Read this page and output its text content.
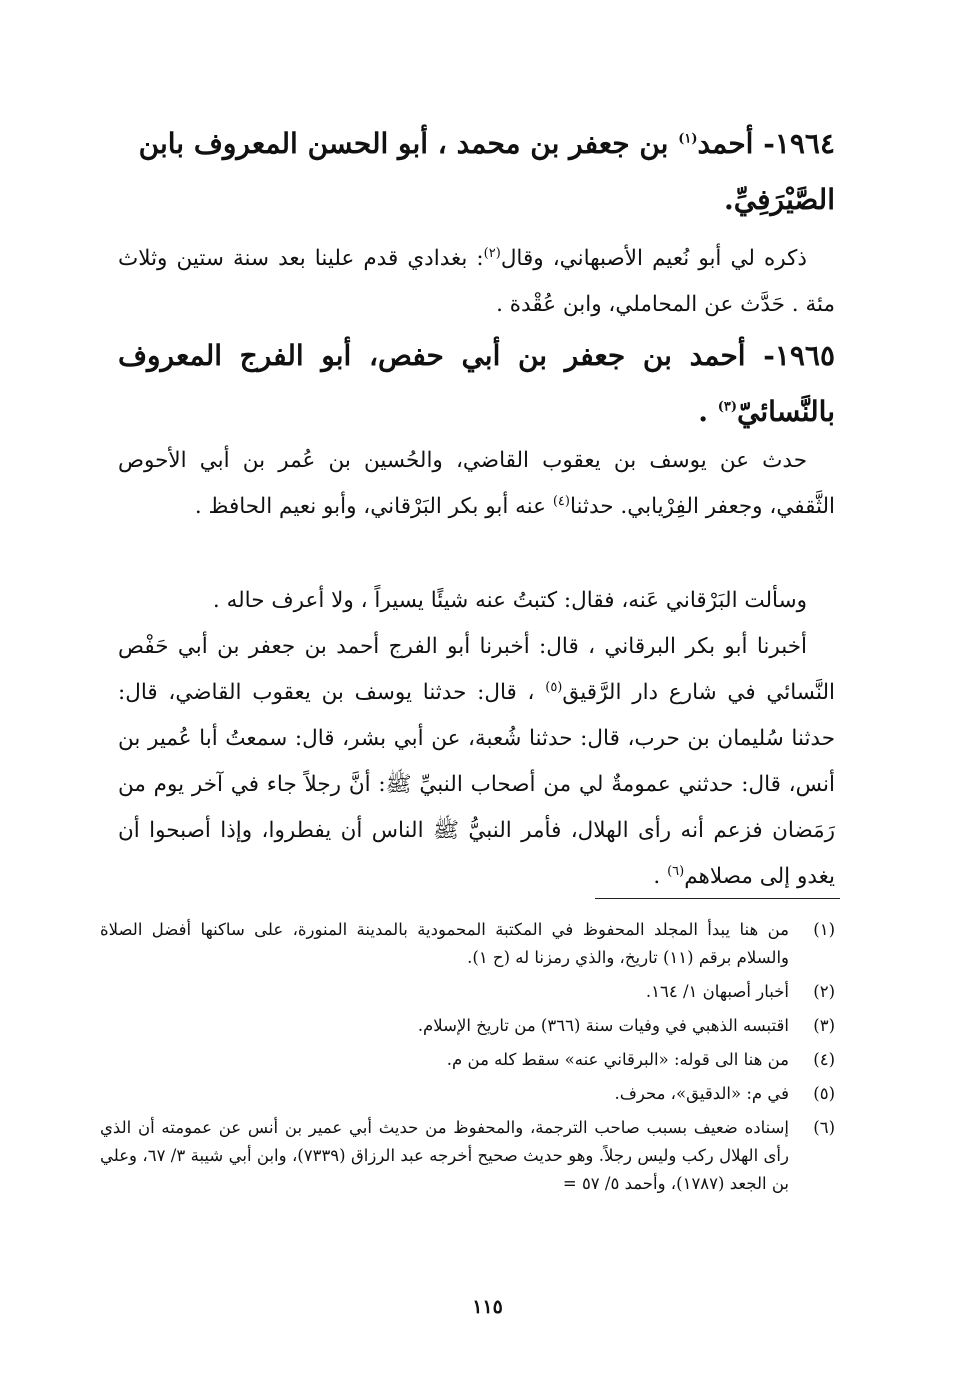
١٩٦٤- أحمد$^{(١)}$ بن جعفر بن محمد ، أبو الحسن المعروف بابن الصَّيْرَفِيِّ.
ذكره لي أبو نُعيم الأصبهاني، وقال$^{(٢)}$: بغدادي قدم علينا بعد سنة ستين وثلاث مئة . حَدَّث عن المحاملي، وابن عُقْدة .
١٩٦٥- أحمد بن جعفر بن أبي حفص، أبو الفرج المعروف بالنَّسائيّ$^{(٣)}$ .
حدث عن يوسف بن يعقوب القاضي، والحُسين بن عُمر بن أبي الأحوص الثَّقفي، وجعفر الفِرْيابي. حدثنا$^{(٤)}$ عنه أبو بكر البَرْقاني، وأبو نعيم الحافظ .
وسألت البَرْقاني عَنه، فقال: كتبتُ عنه شيئًا يسيراً ، ولا أعرف حاله .
أخبرنا أبو بكر البرقاني ، قال: أخبرنا أبو الفرج أحمد بن جعفر بن أبي حَفْص النَّسائي في شارع دار الرَّقيق$^{(٥)}$ ، قال: حدثنا يوسف بن يعقوب القاضي، قال: حدثنا سُليمان بن حرب، قال: حدثنا شُعبة، عن أبي بشر، قال: سمعتُ أبا عُمير بن أنس، قال: حدثني عمومةٌ لي من أصحاب النبيِّ ﷺ: أنَّ رجلاً جاء في آخر يوم من رَمَضان فزعم أنه رأى الهلال، فأمر النبيُّ ﷺ الناس أن يفطروا، وإذا أصبحوا أن يغدو إلى مصلاهم$^{(٦)}$ .
(١)
من هنا يبدأ المجلد المحفوظ في المكتبة المحمودية بالمدينة المنورة، على ساكنها أفضل الصلاة والسلام برقم (١١) تاريخ، والذي رمزنا له (ح ١).
(٢)
أخبار أصبهان ١/ ١٦٤.
(٣)
اقتبسه الذهبي في وفيات سنة (٣٦٦) من تاريخ الإسلام.
(٤)
من هنا الى قوله: «البرقاني عنه» سقط كله من م.
(٥)
في م: «الدقيق»، محرف.
(٦)
إسناده ضعيف بسبب صاحب الترجمة، والمحفوظ من حديث أبي عمير بن أنس عن عمومته أن الذي رأى الهلال ركب وليس رجلاً. وهو حديث صحيح أخرجه عبد الرزاق (٧٣٣٩)، وابن أبي شيبة ٣/ ٦٧، وعلي بن الجعد (١٧٨٧)، وأحمد ٥/ ٥٧ =
١١٥
